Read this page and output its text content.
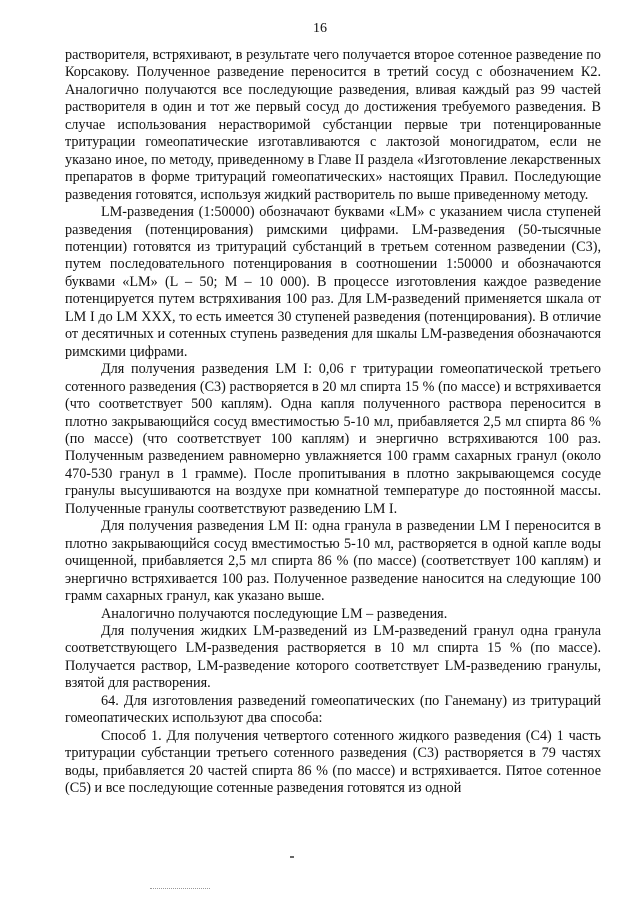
16

растворителя, встряхивают, в результате чего получается второе сотенное разведение по Корсакову. Полученное разведение переносится в третий сосуд с обозначением К2. Аналогично получаются все последующие разведения, вливая каждый раз 99 частей растворителя в один и тот же первый сосуд до достижения требуемого разведения. В случае использования нерастворимой субстанции первые три потенцированные тритурации гомеопатические изготавливаются с лактозой моногидратом, если не указано иное, по методу, приведенному в Главе II раздела «Изготовление лекарственных препаратов в форме тритураций гомеопатических» настоящих Правил. Последующие разведения готовятся, используя жидкий растворитель по выше приведенному методу.

LM-разведения (1:50000) обозначают буквами «LM» с указанием числа ступеней разведения (потенцирования) римскими цифрами. LM-разведения (50-тысячные потенции) готовятся из тритураций субстанций в третьем сотенном разведении (C3), путем последовательного потенцирования в соотношении 1:50000 и обозначаются буквами «LM» (L – 50; M – 10 000). В процессе изготовления каждое разведение потенцируется путем встряхивания 100 раз. Для LM-разведений применяется шкала от LM I до LM XXX, то есть имеется 30 ступеней разведения (потенцирования). В отличие от десятичных и сотенных ступень разведения для шкалы LM-разведения обозначаются римскими цифрами.

Для получения разведения LM I: 0,06 г тритурации гомеопатической третьего сотенного разведения (C3) растворяется в 20 мл спирта 15 % (по массе) и встряхивается (что соответствует 500 каплям). Одна капля полученного раствора переносится в плотно закрывающийся сосуд вместимостью 5-10 мл, прибавляется 2,5 мл спирта 86 % (по массе) (что соответствует 100 каплям) и энергично встряхиваются 100 раз. Полученным разведением равномерно увлажняется 100 грамм сахарных гранул (около 470-530 гранул в 1 грамме). После пропитывания в плотно закрывающемся сосуде гранулы высушиваются на воздухе при комнатной температуре до постоянной массы. Полученные гранулы соответствуют разведению LM I.

Для получения разведения LM II: одна гранула в разведении LM I переносится в плотно закрывающийся сосуд вместимостью 5-10 мл, растворяется в одной капле воды очищенной, прибавляется 2,5 мл спирта 86 % (по массе) (соответствует 100 каплям) и энергично встряхивается 100 раз. Полученное разведение наносится на следующие 100 грамм сахарных гранул, как указано выше.

Аналогично получаются последующие LM – разведения.

Для получения жидких LM-разведений из LM-разведений гранул одна гранула соответствующего LM-разведения растворяется в 10 мл спирта 15 % (по массе). Получается раствор, LM-разведение которого соответствует LM-разведению гранулы, взятой для растворения.

64. Для изготовления разведений гомеопатических (по Ганеману) из тритураций гомеопатических используют два способа:

Способ 1. Для получения четвертого сотенного жидкого разведения (C4) 1 часть тритурации субстанции третьего сотенного разведения (C3) растворяется в 79 частях воды, прибавляется 20 частей спирта 86 % (по массе) и встряхивается. Пятое сотенное (C5) и все последующие сотенные разведения готовятся из одной
